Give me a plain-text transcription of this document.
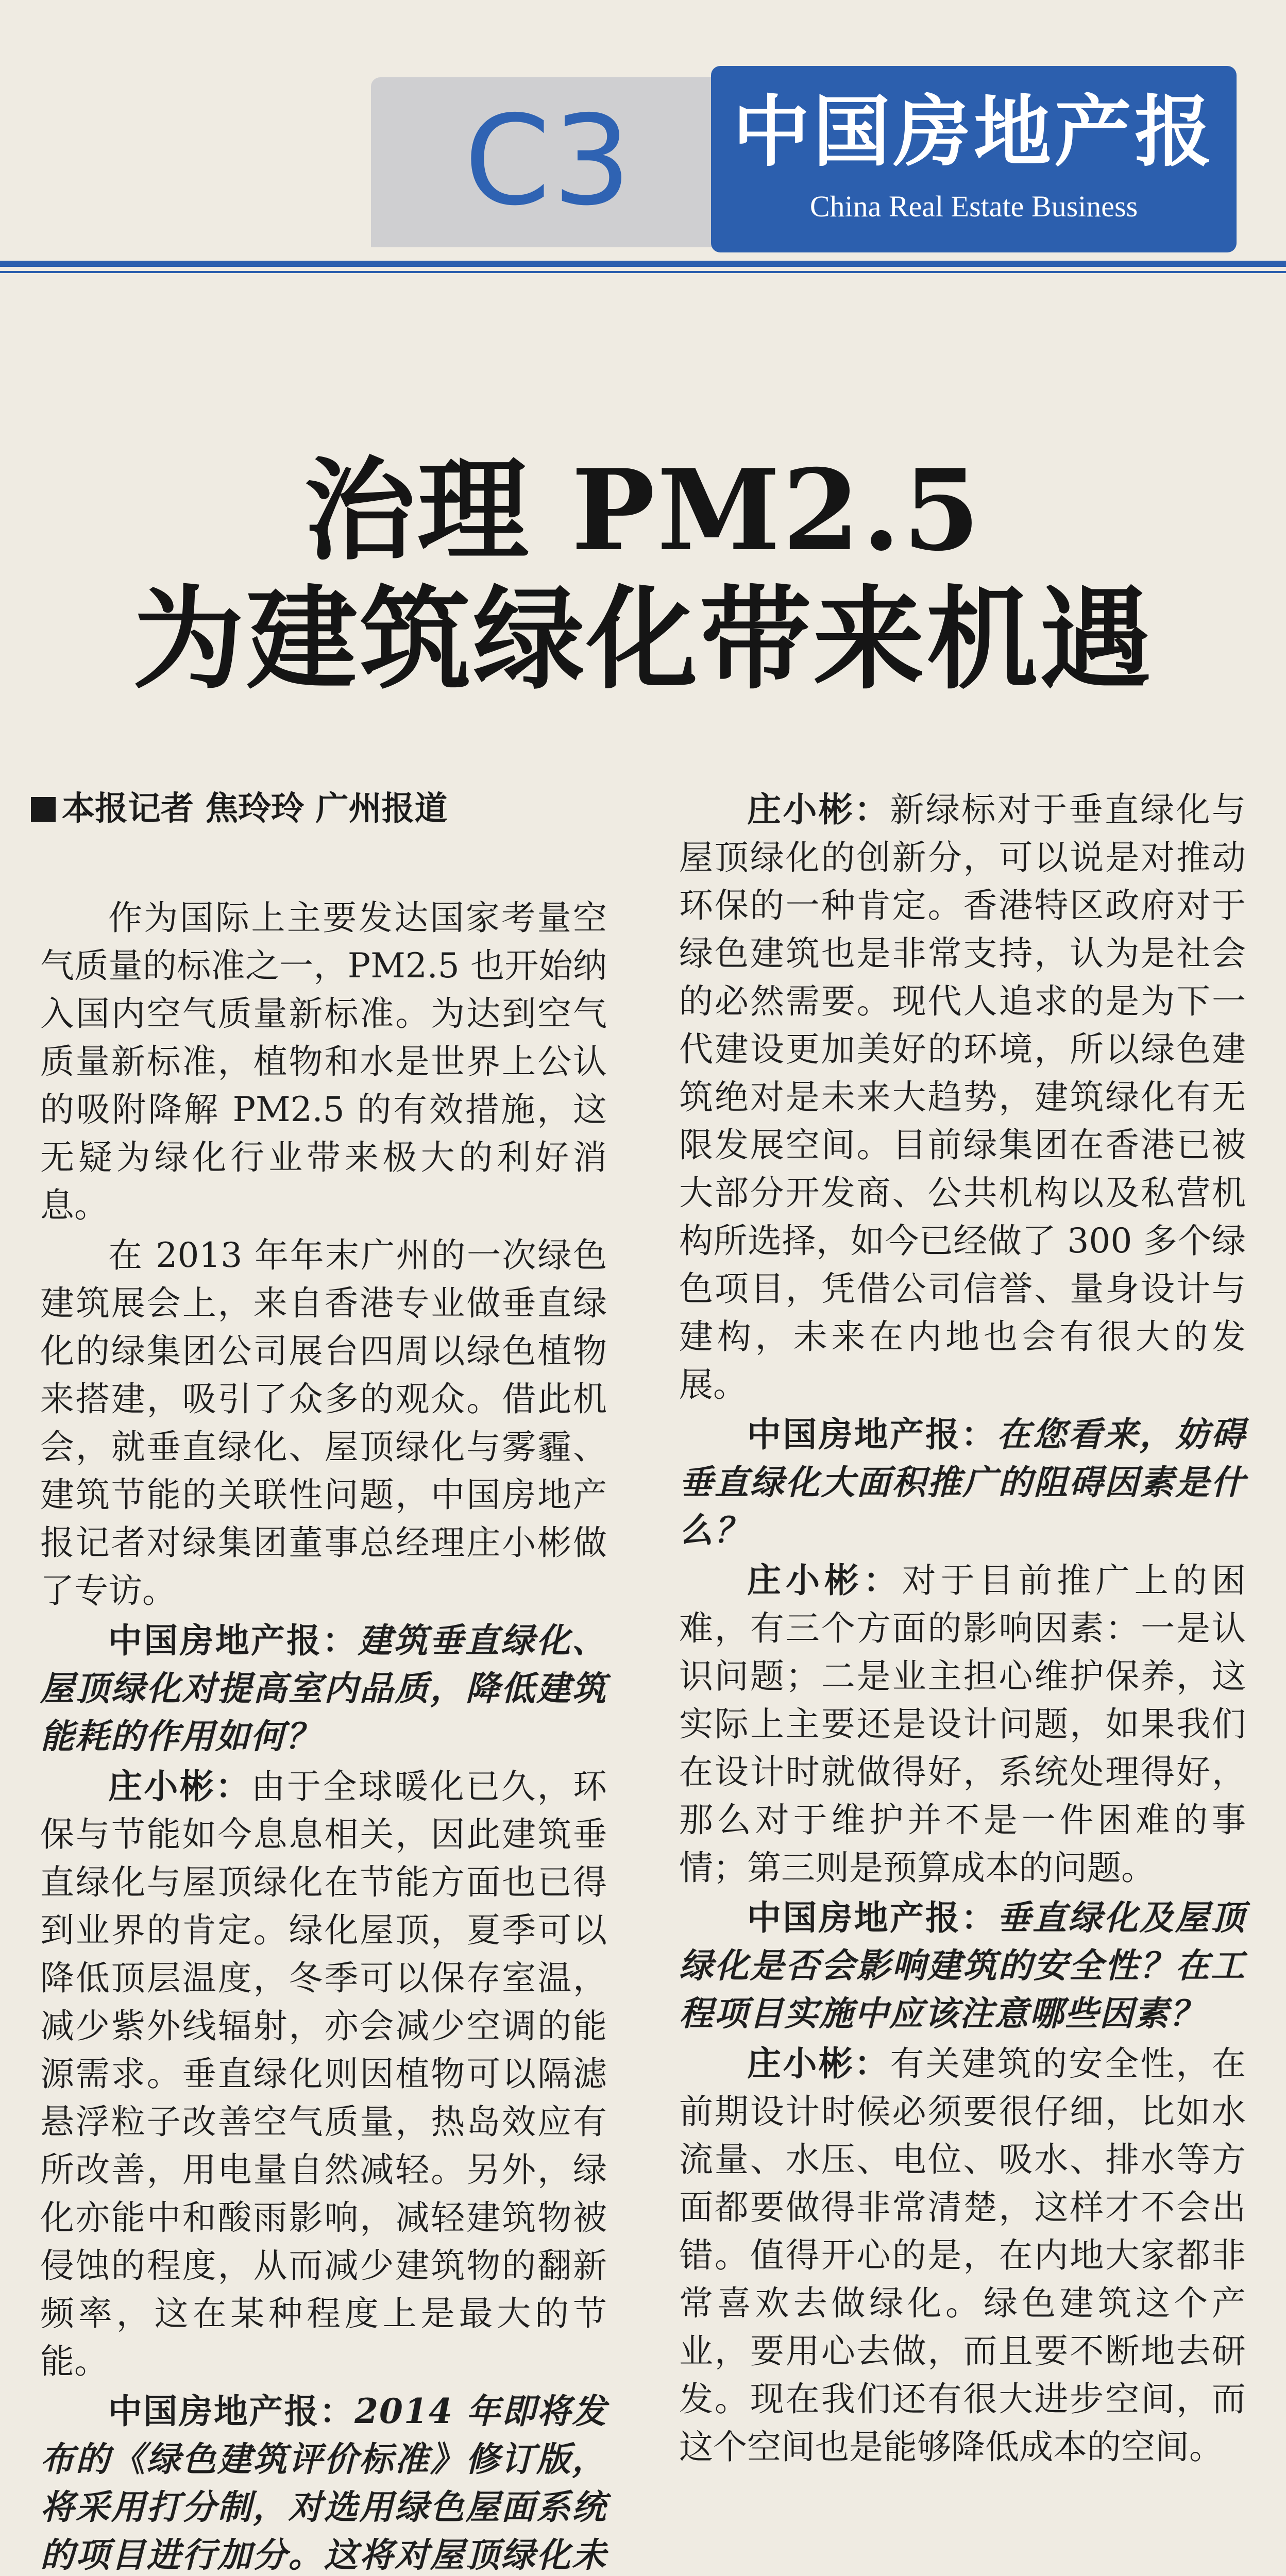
C3	中国房地产报
China Real Estate Business
治理 PM2.5
为建筑绿化带来机遇
本报记者 焦玲玲 广州报道

作为国际上主要发达国家考量空气质量的标准之一，PM2.5 也开始纳入国内空气质量新标准。为达到空气质量新标准，植物和水是世界上公认的吸附降解 PM2.5 的有效措施，这无疑为绿化行业带来极大的利好消息。

在 2013 年年末广州的一次绿色建筑展会上，来自香港专业做垂直绿化的绿集团公司展台四周以绿色植物来搭建，吸引了众多的观众。借此机会，就垂直绿化、屋顶绿化与雾霾、建筑节能的关联性问题，中国房地产报记者对绿集团董事总经理庄小彬做了专访。

中国房地产报：建筑垂直绿化、屋顶绿化对提高室内品质，降低建筑能耗的作用如何？

庄小彬：由于全球暖化已久，环保与节能如今息息相关，因此建筑垂直绿化与屋顶绿化在节能方面也已得到业界的肯定。绿化屋顶，夏季可以降低顶层温度，冬季可以保存室温，减少紫外线辐射，亦会减少空调的能源需求。垂直绿化则因植物可以隔滤悬浮粒子改善空气质量，热岛效应有所改善，用电量自然减轻。另外，绿化亦能中和酸雨影响，减轻建筑物被侵蚀的程度，从而减少建筑物的翻新频率，这在某种程度上是最大的节能。

中国房地产报：2014 年即将发布的《绿色建筑评价标准》修订版，将采用打分制，对选用绿色屋面系统的项目进行加分。这将对屋顶绿化未

庄小彬：新绿标对于垂直绿化与屋顶绿化的创新分，可以说是对推动环保的一种肯定。香港特区政府对于绿色建筑也是非常支持，认为是社会的必然需要。现代人追求的是为下一代建设更加美好的环境，所以绿色建筑绝对是未来大趋势，建筑绿化有无限发展空间。目前绿集团在香港已被大部分开发商、公共机构以及私营机构所选择，如今已经做了 300 多个绿色项目，凭借公司信誉、量身设计与建构，未来在内地也会有很大的发展。

中国房地产报：在您看来，妨碍垂直绿化大面积推广的阻碍因素是什么？

庄小彬：对于目前推广上的困难，有三个方面的影响因素：一是认识问题；二是业主担心维护保养，这实际上主要还是设计问题，如果我们在设计时就做得好，系统处理得好，那么对于维护并不是一件困难的事情；第三则是预算成本的问题。

中国房地产报：垂直绿化及屋顶绿化是否会影响建筑的安全性？在工程项目实施中应该注意哪些因素？

庄小彬：有关建筑的安全性，在前期设计时候必须要很仔细，比如水流量、水压、电位、吸水、排水等方面都要做得非常清楚，这样才不会出错。值得开心的是，在内地大家都非常喜欢去做绿化。绿色建筑这个产业，要用心去做，而且要不断地去研发。现在我们还有很大进步空间，而这个空间也是能够降低成本的空间。
